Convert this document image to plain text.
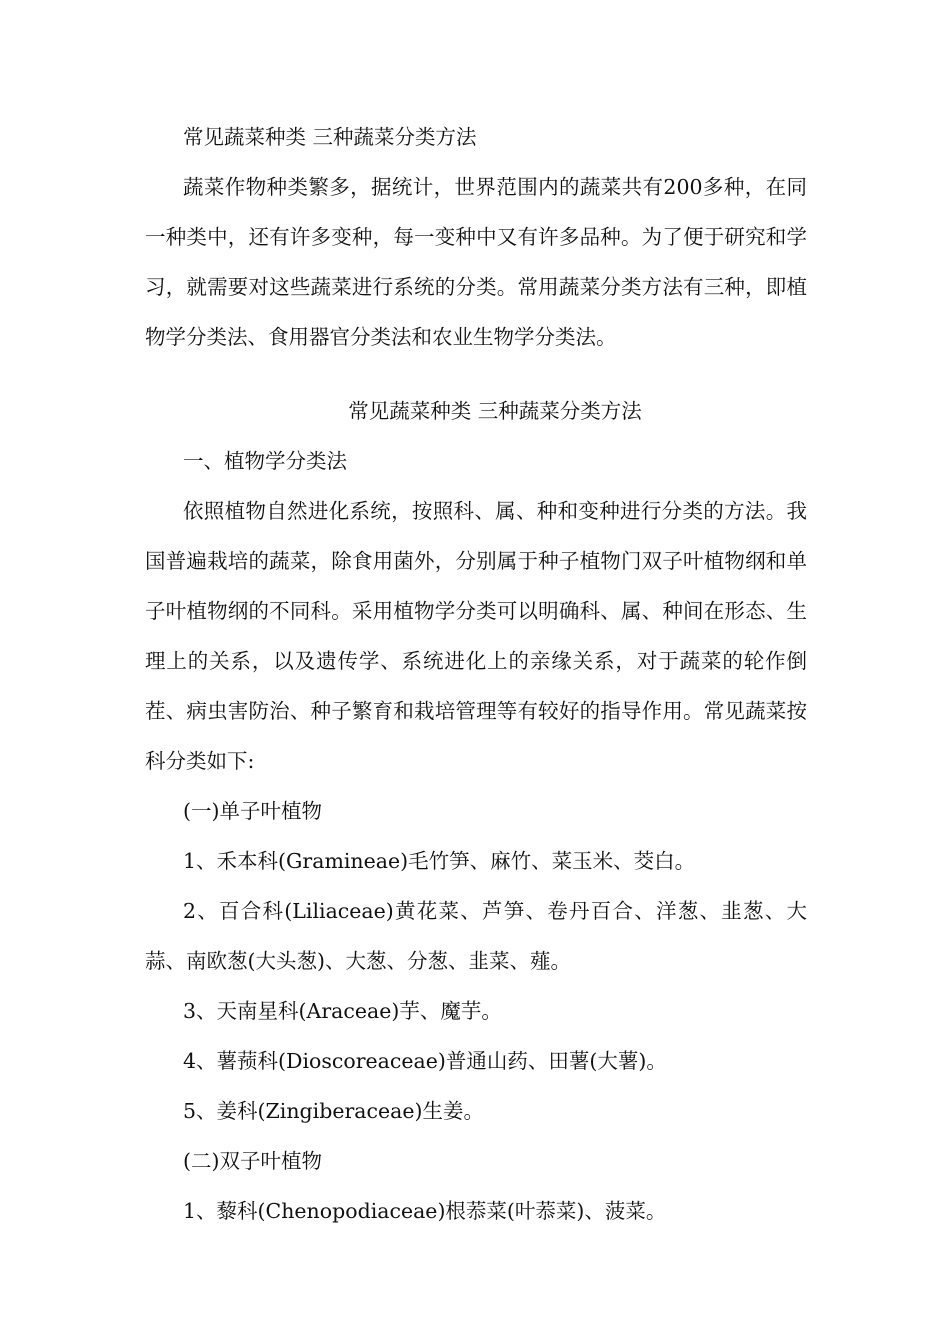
常见蔬菜种类 三种蔬菜分类方法

蔬菜作物种类繁多，据统计，世界范围内的蔬菜共有200多种，在同一种类中，还有许多变种，每一变种中又有许多品种。为了便于研究和学习，就需要对这些蔬菜进行系统的分类。常用蔬菜分类方法有三种，即植物学分类法、食用器官分类法和农业生物学分类法。

常见蔬菜种类 三种蔬菜分类方法

一、植物学分类法

依照植物自然进化系统，按照科、属、种和变种进行分类的方法。我国普遍栽培的蔬菜，除食用菌外，分别属于种子植物门双子叶植物纲和单子叶植物纲的不同科。采用植物学分类可以明确科、属、种间在形态、生理上的关系，以及遗传学、系统进化上的亲缘关系，对于蔬菜的轮作倒茬、病虫害防治、种子繁育和栽培管理等有较好的指导作用。常见蔬菜按科分类如下:

(一)单子叶植物

1、禾本科(Gramineae)毛竹笋、麻竹、菜玉米、茭白。

2、百合科(Liliaceae)黄花菜、芦笋、卷丹百合、洋葱、韭葱、大蒜、南欧葱(大头葱)、大葱、分葱、韭菜、薤。

3、天南星科(Araceae)芋、魔芋。

4、薯蓣科(Dioscoreaceae)普通山药、田薯(大薯)。

5、姜科(Zingiberaceae)生姜。

(二)双子叶植物

1、藜科(Chenopodiaceae)根菾菜(叶菾菜)、菠菜。
